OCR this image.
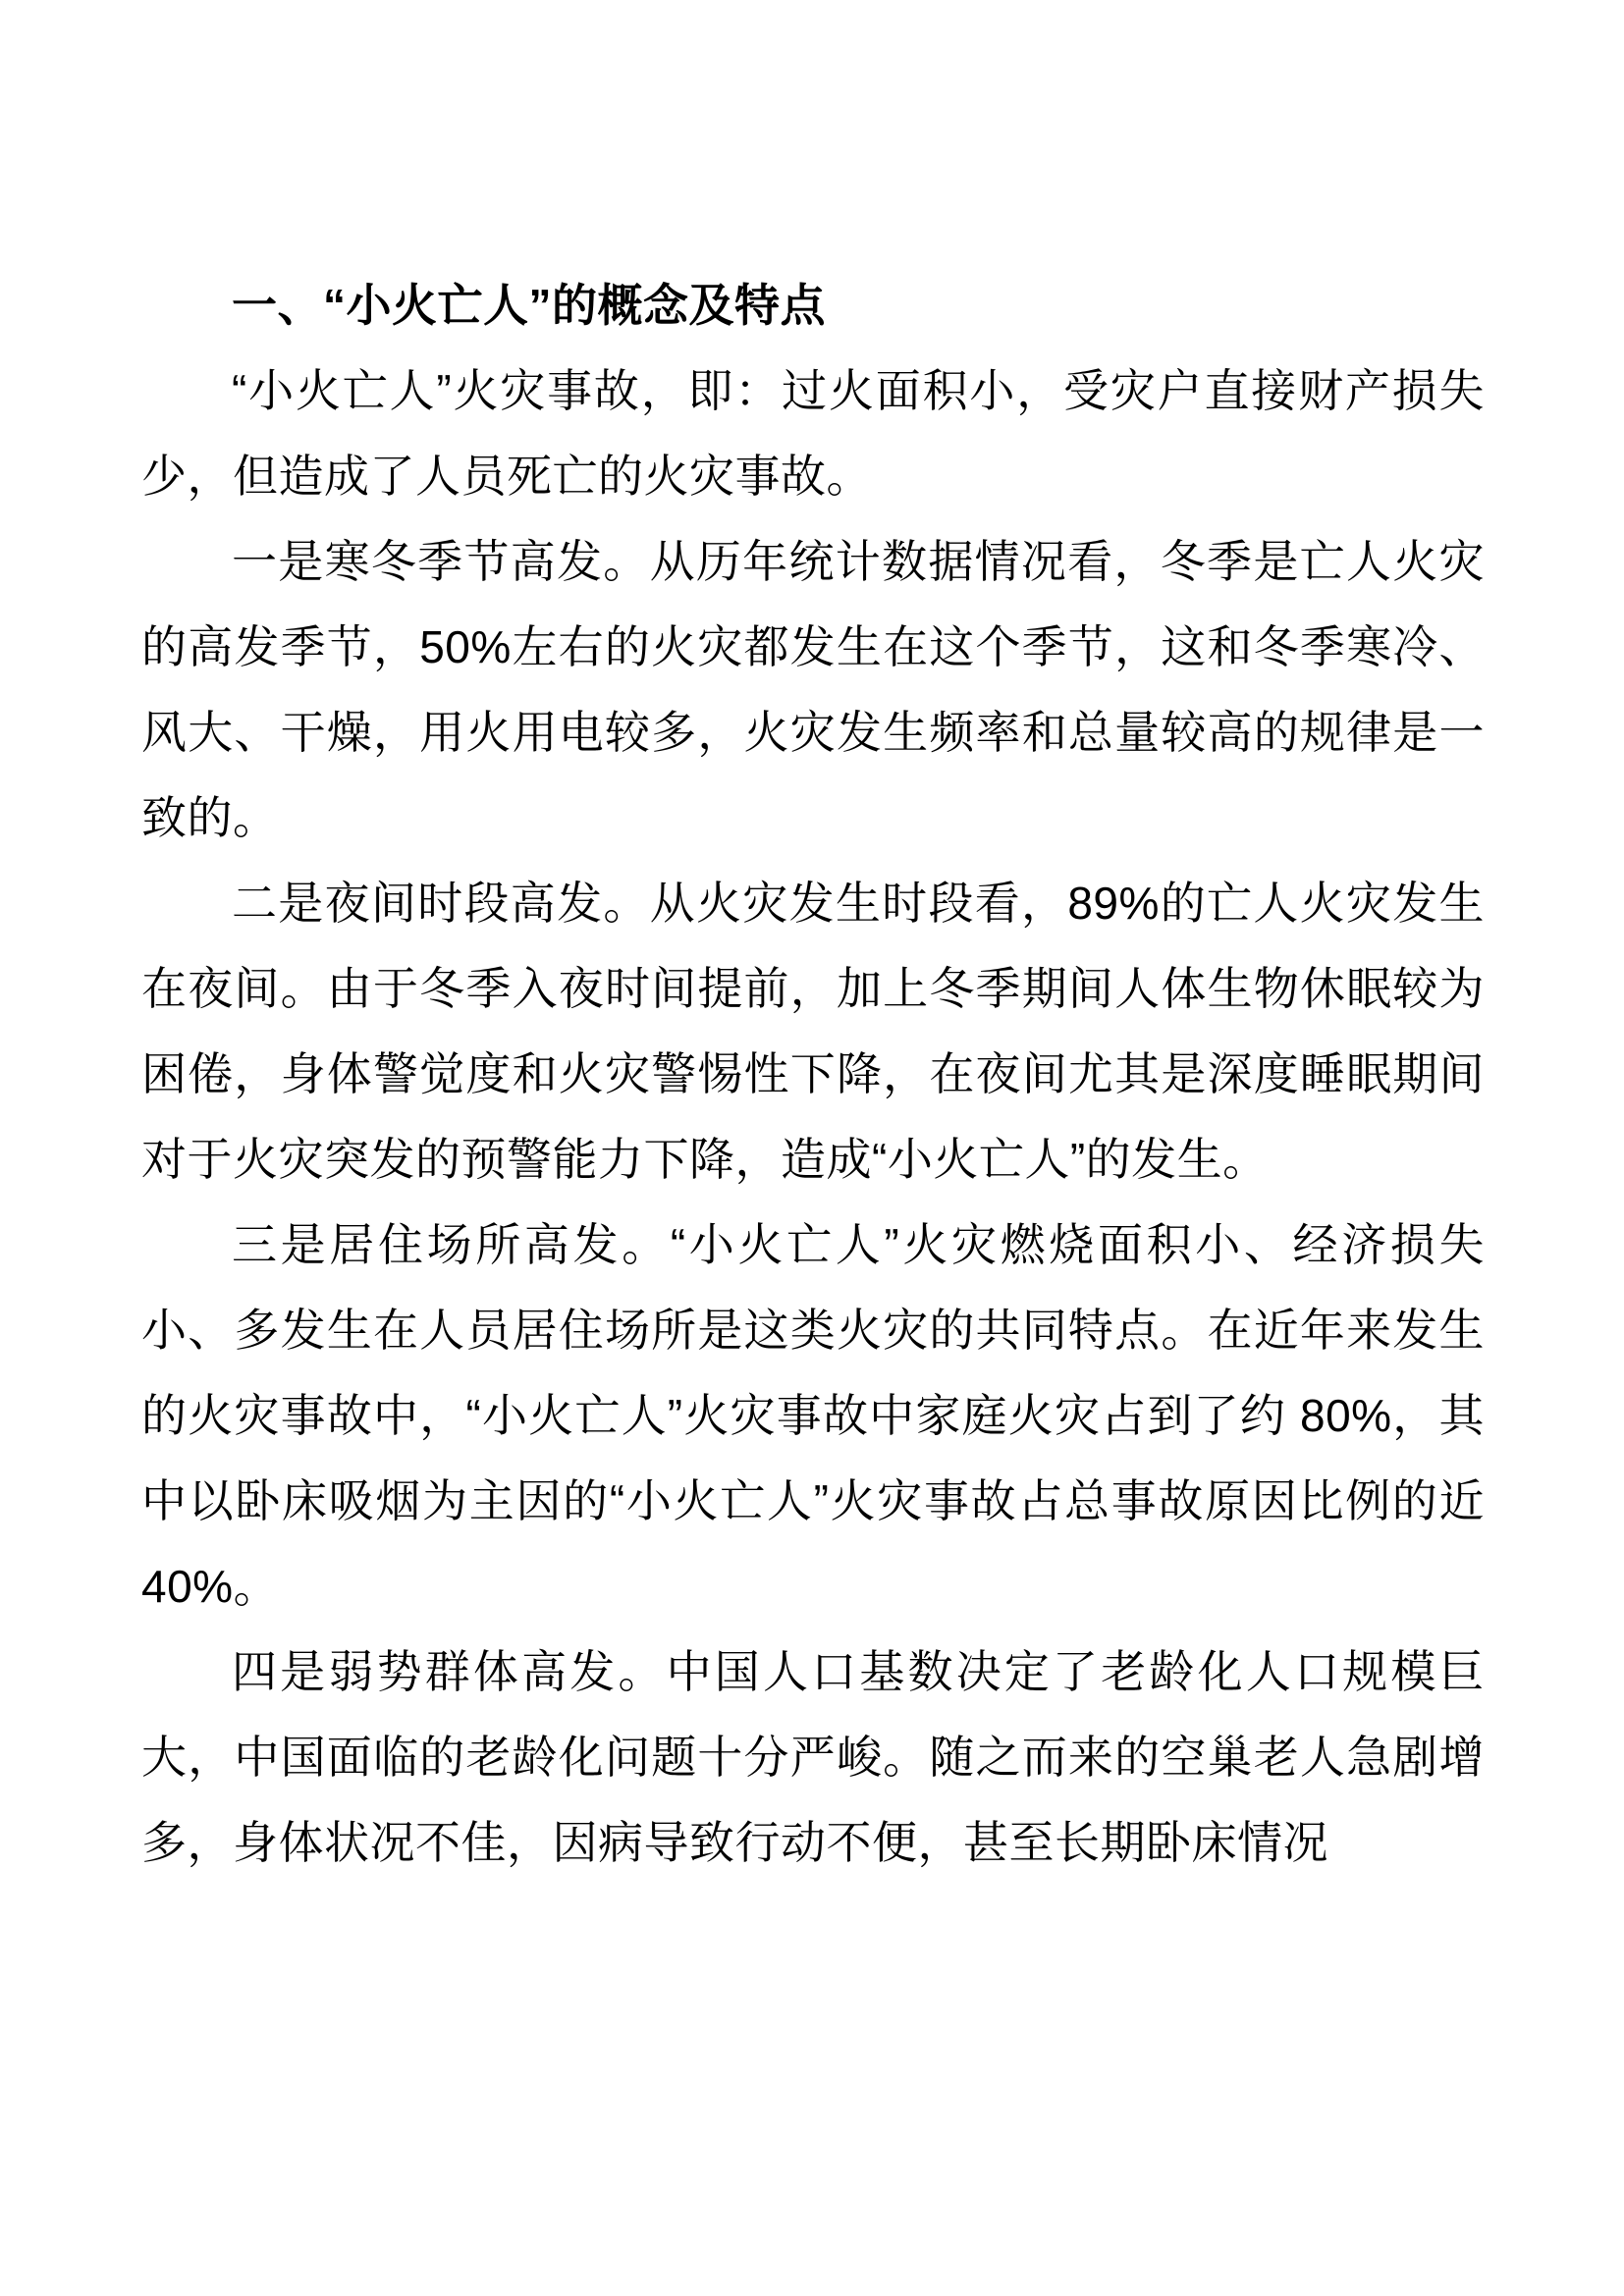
一、“小火亡人”的概念及特点

“小火亡人”火灾事故，即：过火面积小，受灾户直接财产损失少，但造成了人员死亡的火灾事故。

一是寒冬季节高发。从历年统计数据情况看，冬季是亡人火灾的高发季节，50%左右的火灾都发生在这个季节，这和冬季寒冷、风大、干燥，用火用电较多，火灾发生频率和总量较高的规律是一致的。

二是夜间时段高发。从火灾发生时段看，89%的亡人火灾发生在夜间。由于冬季入夜时间提前，加上冬季期间人体生物休眠较为困倦，身体警觉度和火灾警惕性下降，在夜间尤其是深度睡眠期间对于火灾突发的预警能力下降，造成“小火亡人”的发生。

三是居住场所高发。“小火亡人”火灾燃烧面积小、经济损失小、多发生在人员居住场所是这类火灾的共同特点。在近年来发生的火灾事故中，“小火亡人”火灾事故中家庭火灾占到了约 80%，其中以卧床吸烟为主因的“小火亡人”火灾事故占总事故原因比例的近 40%。

四是弱势群体高发。中国人口基数决定了老龄化人口规模巨大，中国面临的老龄化问题十分严峻。随之而来的空巢老人急剧增多，身体状况不佳，因病导致行动不便，甚至长期卧床情况
